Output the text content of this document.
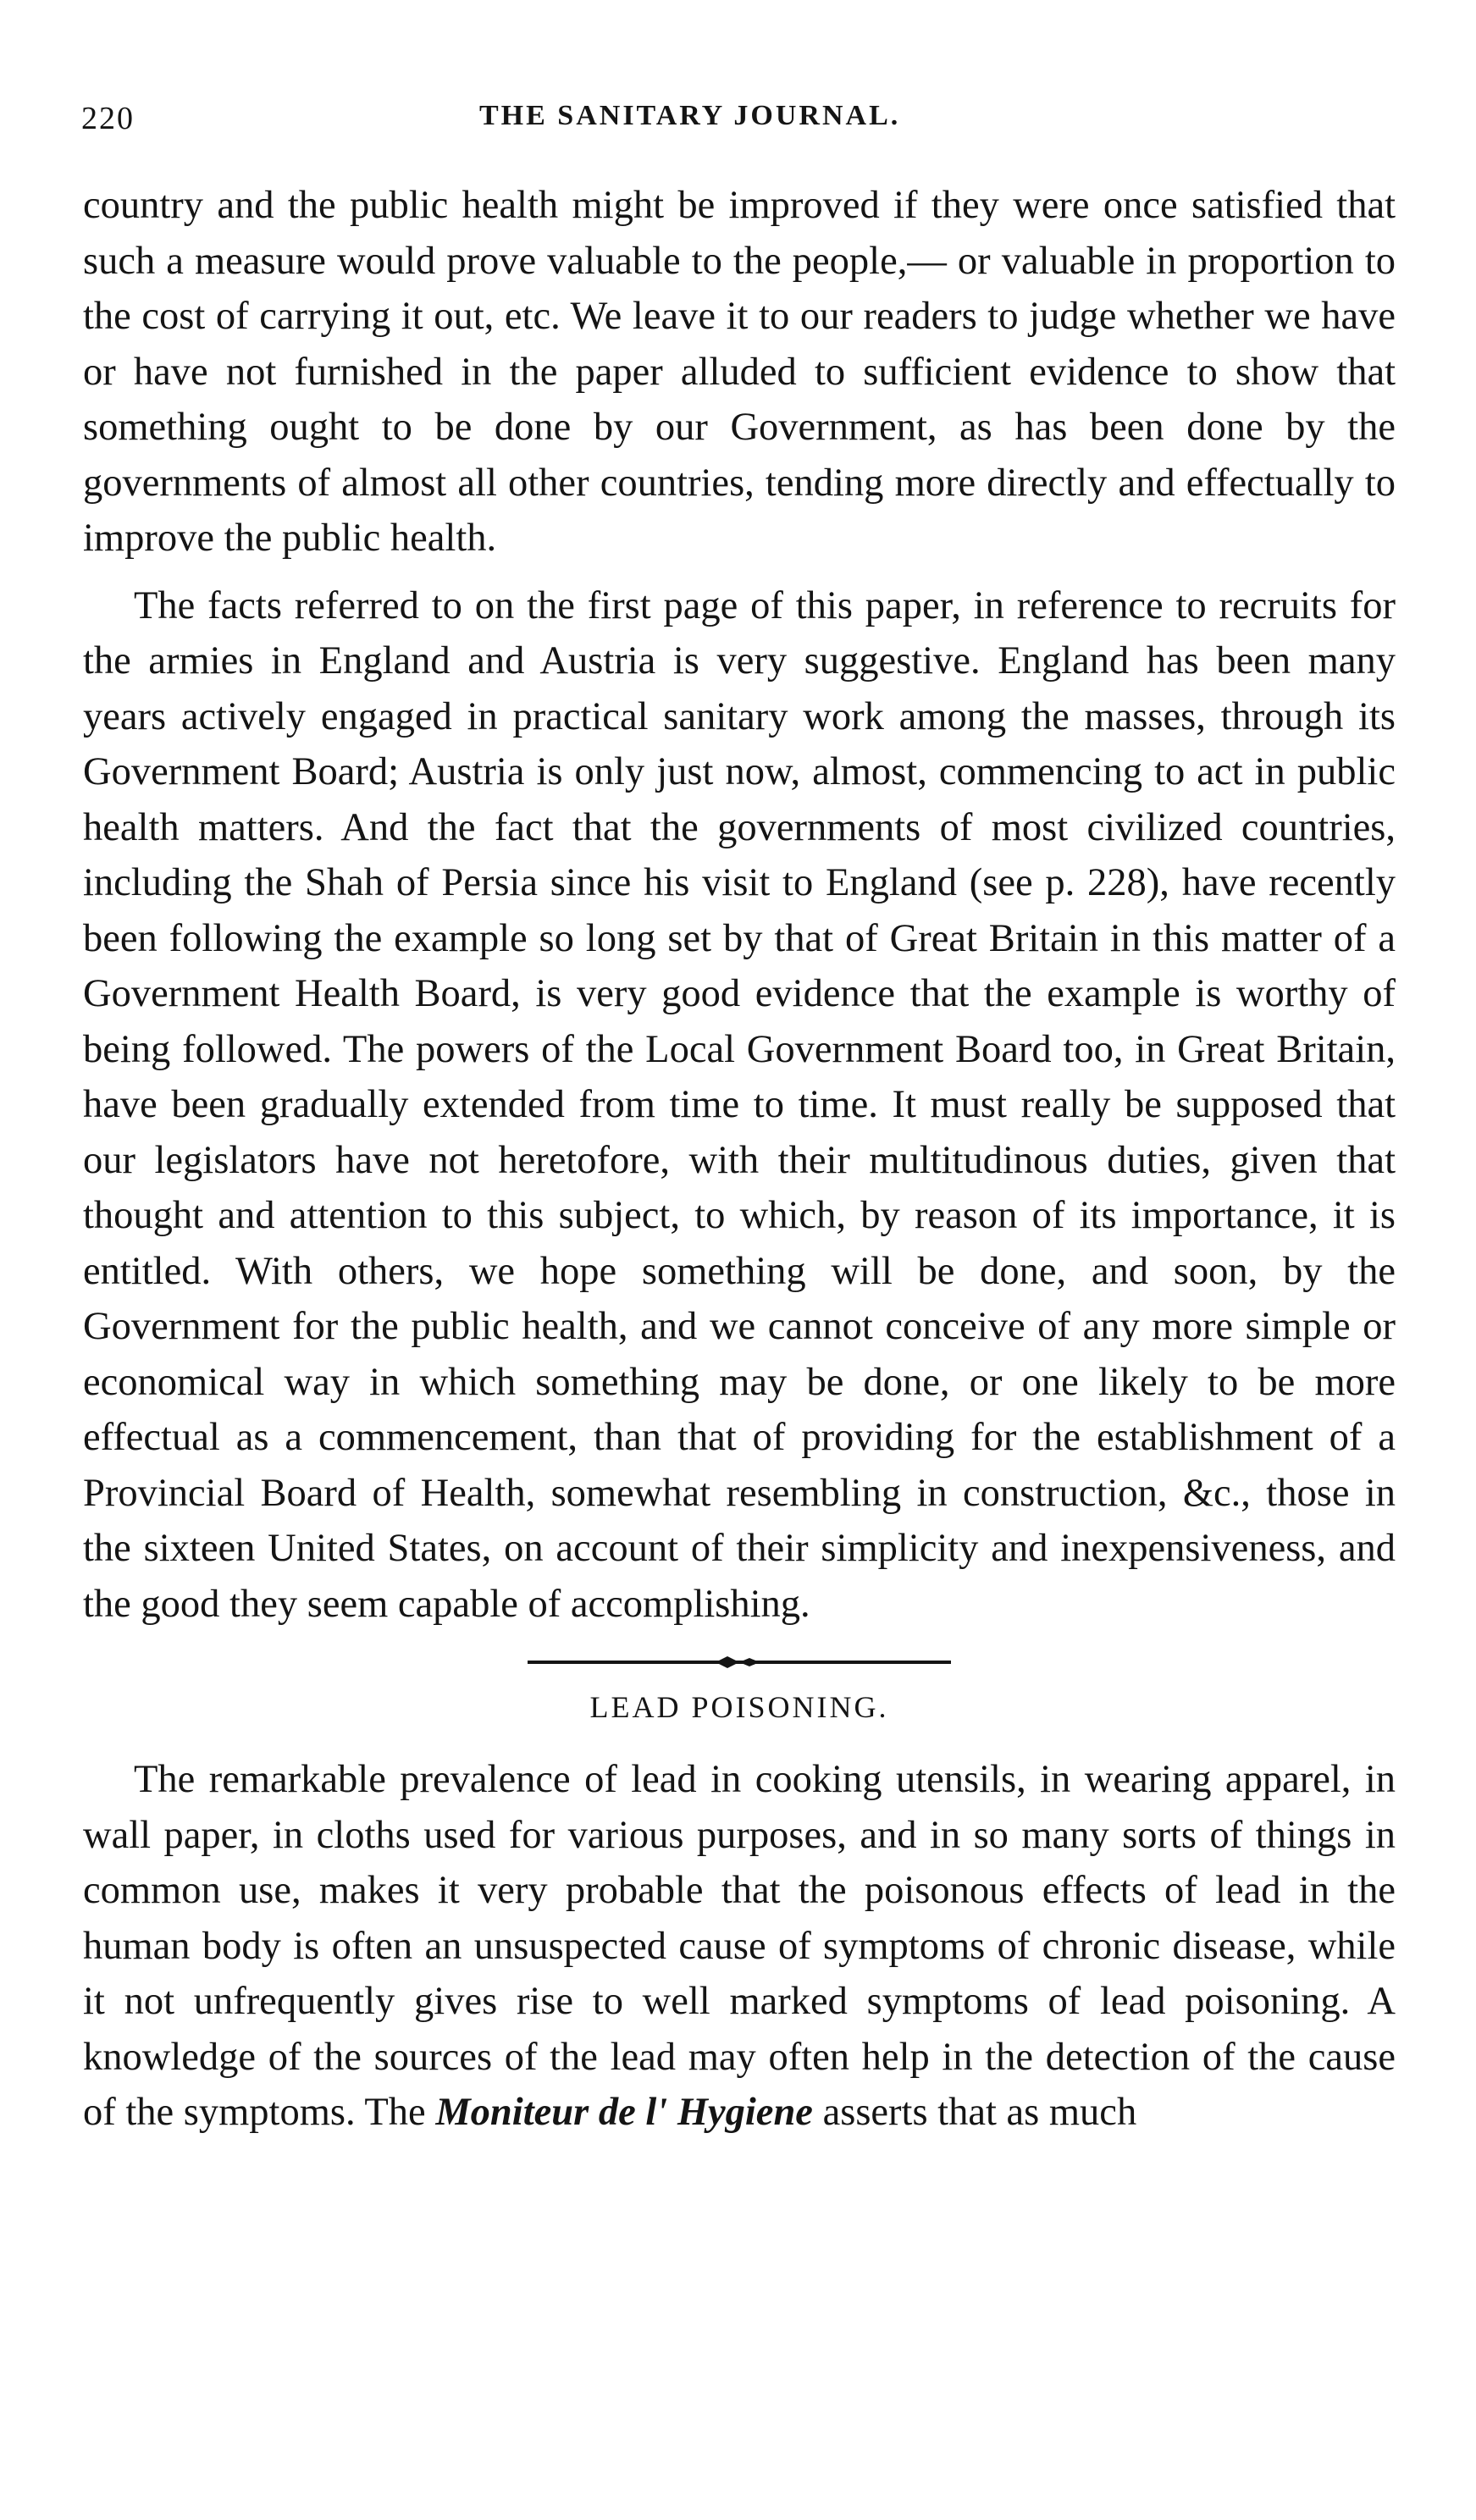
220	THE SANITARY JOURNAL.

country and the public health might be improved if they were once satisfied that such a measure would prove valuable to the people,— or valuable in proportion to the cost of carrying it out, etc. We leave it to our readers to judge whether we have or have not furnished in the paper alluded to sufficient evidence to show that something ought to be done by our Government, as has been done by the governments of almost all other countries, tending more directly and effectually to improve the public health.

The facts referred to on the first page of this paper, in reference to recruits for the armies in England and Austria is very suggestive. England has been many years actively engaged in practical sanitary work among the masses, through its Government Board; Austria is only just now, almost, commencing to act in public health matters. And the fact that the governments of most civilized countries, including the Shah of Persia since his visit to England (see p. 228), have recently been following the example so long set by that of Great Britain in this matter of a Government Health Board, is very good evidence that the example is worthy of being followed. The powers of the Local Government Board too, in Great Britain, have been gradually extended from time to time. It must really be supposed that our legislators have not heretofore, with their multitudinous duties, given that thought and attention to this subject, to which, by reason of its importance, it is entitled. With others, we hope something will be done, and soon, by the Government for the public health, and we cannot conceive of any more simple or economical way in which something may be done, or one likely to be more effectual as a commencement, than that of providing for the establishment of a Provincial Board of Health, somewhat resembling in construction, &c., those in the sixteen United States, on account of their simplicity and inexpensiveness, and the good they seem capable of accomplishing.

LEAD POISONING.

The remarkable prevalence of lead in cooking utensils, in wearing apparel, in wall paper, in cloths used for various purposes, and in so many sorts of things in common use, makes it very probable that the poisonous effects of lead in the human body is often an unsuspected cause of symptoms of chronic disease, while it not unfrequently gives rise to well marked symptoms of lead poisoning. A knowledge of the sources of the lead may often help in the detection of the cause of the symptoms. The Moniteur de l' Hygiene asserts that as much
